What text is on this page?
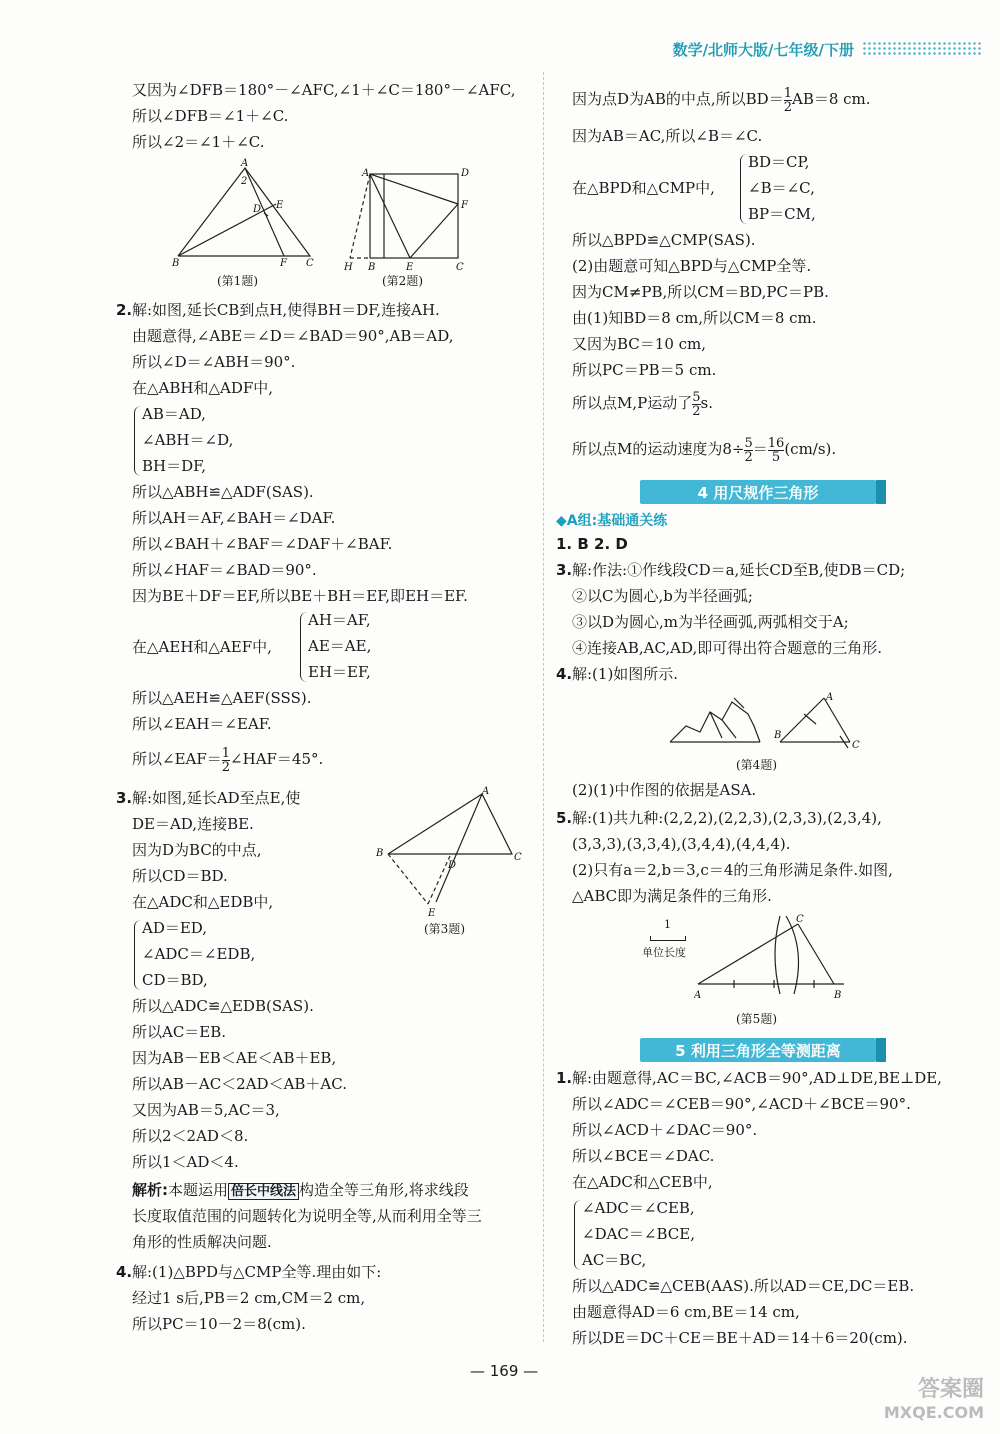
数学/北师大版/七年级/下册
又因为∠DFB＝180°－∠AFC,∠1＋∠C＝180°－∠AFC,
所以∠DFB＝∠1＋∠C.
所以∠2＝∠1＋∠C.
A
B	C
D E
F
2
(第1题)
A	D
F
H B	E	C
(第2题)
2. 解:如图,延长CB到点H,使得BH＝DF,连接AH.
由题意得,∠ABE＝∠D＝∠BAD＝90°,AB＝AD,
所以∠D＝∠ABH＝90°.
在△ABH和△ADF中,
AB＝AD,
∠ABH＝∠D,
BH＝DF,
所以△ABH≌△ADF(SAS).
所以AH＝AF,∠BAH＝∠DAF.
所以∠BAH＋∠BAF＝∠DAF＋∠BAF.
所以∠HAF＝∠BAD＝90°.
因为BE＋DF＝EF,所以BE＋BH＝EF,即EH＝EF.
在△AEH和△AEF中,
AH＝AF,
AE＝AE,
EH＝EF,
所以△AEH≌△AEF(SSS).
所以∠EAH＝∠EAF.
所以∠EAF＝ $\frac{1}{2}$ ∠HAF＝45°.
3. 解:如图,延长AD至点E,使
DE＝AD,连接BE.
因为D为BC的中点,
所以CD＝BD.
在△ADC和△EDB中,
AD＝ED,
∠ADC＝∠EDB,
CD＝BD,
所以△ADC≌△EDB(SAS).
所以AC＝EB.
因为AB－EB＜AE＜AB＋EB,
所以AB－AC＜2AD＜AB＋AC.
又因为AB＝5,AC＝3,
所以2＜2AD＜8.
所以1＜AD＜4.
A
B	C
D
E
(第3题)
解析:本题运用 倍长中线法 构造全等三角形,将求线段
长度取值范围的问题转化为说明全等,从而利用全等三
角形的性质解决问题.
4. 解:(1)△BPD与△CMP全等.理由如下:
经过1 s后,PB＝2 cm,CM＝2 cm,
所以PC＝10－2＝8(cm).
因为点D为AB的中点,所以$BD= \frac{1}{2} AB=8$ cm.
因为AB＝AC,所以∠B＝∠C.
在△BPD和△CMP中,
BD＝CP,
∠B＝∠C,
BP＝CM,
所以△BPD≌△CMP(SAS).
(2)由题意可知△BPD与△CMP全等.
因为CM≠PB,所以CM＝BD,PC＝PB.
由(1)知BD＝8 cm,所以CM＝8 cm.
又因为BC＝10 cm,
所以PC＝PB＝5 cm.
所以点M,P运动了 $\frac{5}{2} s$.
所以点M的运动速度为$8\div \frac{5}{2} = \frac{16}{5} (cm/s)$.
4 用尺规作三角形
◆A组:基础通关练
1. B 2. D
3. 解:作法:①作线段CD＝a,延长CD至B,使DB＝CD;
②以C为圆心,b为半径画弧;
③以D为圆心,m为半径画弧,两弧相交于A;
④连接AB,AC,AD,即可得出符合题意的三角形.
4. 解:(1)如图所示.
A
B
C
(第4题)
(2)(1)中作图的依据是ASA.
5. 解:(1)共九种:(2,2,2),(2,2,3),(2,3,3),(2,3,4),
(3,3,3),(3,3,4),(3,4,4),(4,4,4).
(2)只有a＝2,b＝3,c＝4的三角形满足条件.如图,
△ABC即为满足条件的三角形.
1
单位长度
A	B
C
(第5题)
5 利用三角形全等测距离
1. 解:由题意得,AC＝BC,∠ACB＝90°,AD⊥DE,BE⊥DE,
所以∠ADC＝∠CEB＝90°,∠ACD＋∠BCE＝90°.
所以∠ACD＋∠DAC＝90°.
所以∠BCE＝∠DAC.
在△ADC和△CEB中,
∠ADC＝∠CEB,
∠DAC＝∠BCE,
AC＝BC,
所以△ADC≌△CEB(AAS).所以AD＝CE,DC＝EB.
由题意得AD＝6 cm,BE＝14 cm,
所以DE＝DC＋CE＝BE＋AD＝14＋6＝20(cm).
— 169 —
答案圈
MXQE.COM
